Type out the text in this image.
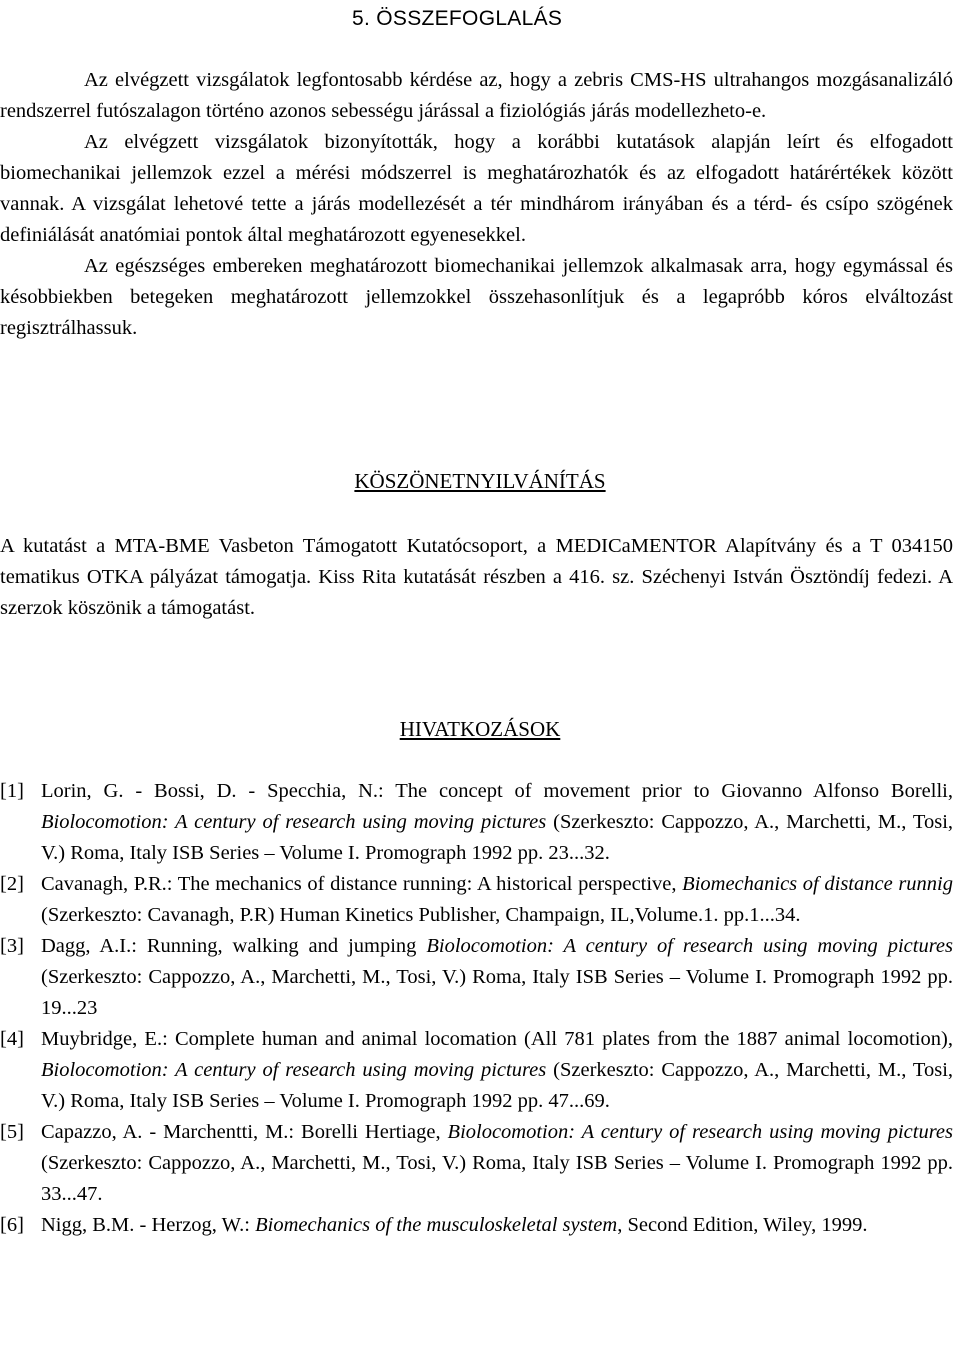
5. ÖSSZEFOGLALÁS

Az elvégzett vizsgálatok legfontosabb kérdése az, hogy a zebris CMS-HS ultrahangos mozgásanalizáló rendszerrel futószalagon történo azonos sebességu járással a fiziológiás járás modellezheto-e.

Az elvégzett vizsgálatok bizonyították, hogy a korábbi kutatások alapján leírt és elfogadott biomechanikai jellemzok ezzel a mérési módszerrel is meghatározhatók és az elfogadott határértékek között vannak. A vizsgálat lehetové tette a járás modellezését a tér mindhárom irányában és a térd- és csípo szögének definiálását anatómiai pontok által meghatározott egyenesekkel.

Az egészséges embereken meghatározott biomechanikai jellemzok alkalmasak arra, hogy egymással és késobbiekben betegeken meghatározott jellemzokkel összehasonlítjuk és a legapróbb kóros elváltozást regisztrálhassuk.

KÖSZÖNETNYILVÁNÍTÁS

A kutatást a MTA-BME Vasbeton Támogatott Kutatócsoport, a MEDICaMENTOR Alapítvány és a T 034150 tematikus OTKA pályázat támogatja. Kiss Rita kutatását részben a 416. sz. Széchenyi István Ösztöndíj fedezi. A szerzok köszönik a támogatást.

HIVATKOZÁSOK

[1] Lorin, G. - Bossi, D. - Specchia, N.: The concept of movement prior to Giovanno Alfonso Borelli, Biolocomotion: A century of research using moving pictures (Szerkeszto: Cappozzo, A., Marchetti, M., Tosi, V.) Roma, Italy ISB Series – Volume I. Promograph 1992 pp. 23...32.

[2] Cavanagh, P.R.: The mechanics of distance running: A historical perspective, Biomechanics of distance runnig (Szerkeszto: Cavanagh, P.R) Human Kinetics Publisher, Champaign, IL,Volume.1. pp.1...34.

[3] Dagg, A.I.: Running, walking and jumping Biolocomotion: A century of research using moving pictures (Szerkeszto: Cappozzo, A., Marchetti, M., Tosi, V.) Roma, Italy ISB Series – Volume I. Promograph 1992 pp. 19...23

[4] Muybridge, E.: Complete human and animal locomation (All 781 plates from the 1887 animal locomotion), Biolocomotion: A century of research using moving pictures (Szerkeszto: Cappozzo, A., Marchetti, M., Tosi, V.) Roma, Italy ISB Series – Volume I. Promograph 1992 pp. 47...69.

[5] Capazzo, A. - Marchentti, M.: Borelli Hertiage, Biolocomotion: A century of research using moving pictures (Szerkeszto: Cappozzo, A., Marchetti, M., Tosi, V.) Roma, Italy ISB Series – Volume I. Promograph 1992 pp. 33...47.

[6] Nigg, B.M. - Herzog, W.: Biomechanics of the musculoskeletal system, Second Edition, Wiley, 1999.
